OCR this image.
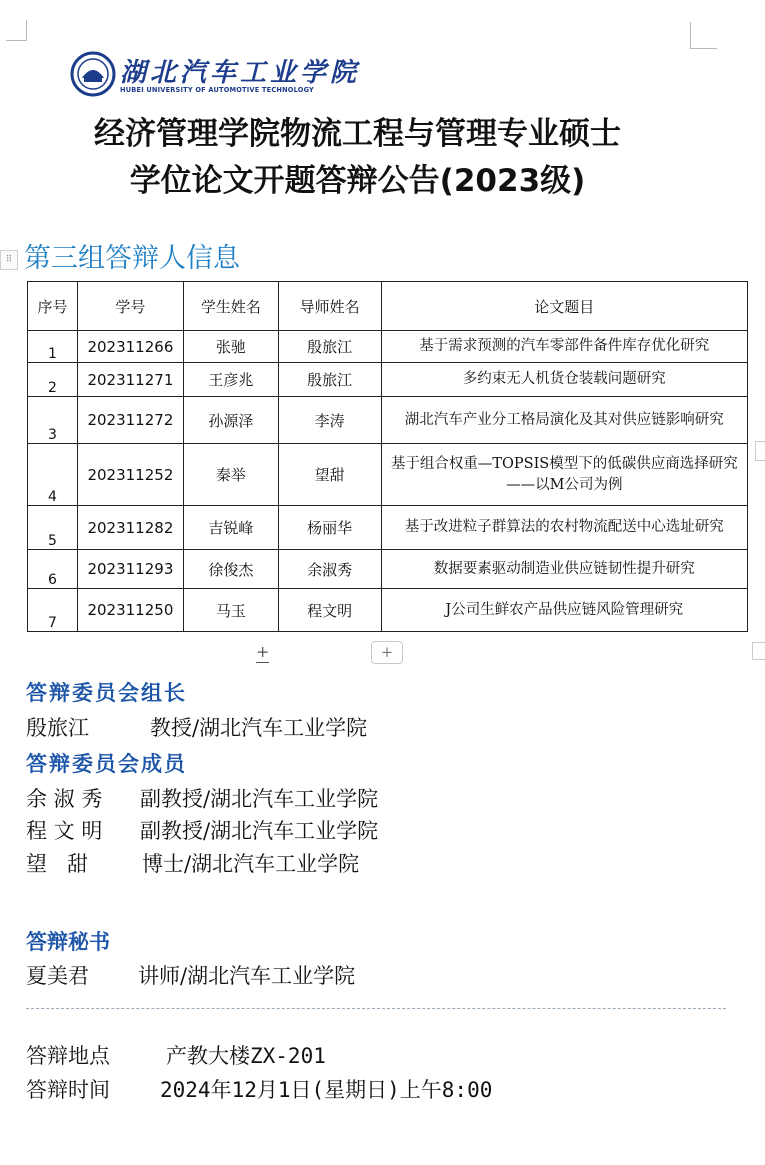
湖北汽车工业学院
HUBEI UNIVERSITY OF AUTOMOTIVE TECHNOLOGY
经济管理学院物流工程与管理专业硕士
学位论文开题答辩公告(2023级)
⠿ 第三组答辩人信息
序号	学号	学生姓名	导师姓名	论文题目
1	202311266	张驰	殷旅江	基于需求预测的汽车零部件备件库存优化研究
2	202311271	王彦兆	殷旅江	多约束无人机货仓装载问题研究
3	202311272	孙源泽	李涛	湖北汽车产业分工格局演化及其对供应链影响研究
4	202311252	秦举	望甜	基于组合权重—TOPSIS模型下的低碳供应商选择研究——以M公司为例
5	202311282	吉锐峰	杨丽华	基于改进粒子群算法的农村物流配送中心选址研究
6	202311293	徐俊杰	余淑秀	数据要素驱动制造业供应链韧性提升研究
7	202311250	马玉	程文明	J公司生鲜农产品供应链风险管理研究
+	+
答辩委员会组长
殷旅江	教授/湖北汽车工业学院
答辩委员会成员
余 淑 秀 副教授/湖北汽车工业学院
程 文 明 副教授/湖北汽车工业学院
望   甜	博士/湖北汽车工业学院
答辩秘书
夏美君 讲师/湖北汽车工业学院
答辩地点	产教大楼ZX-201
答辩时间 2024年12月1日(星期日)上午8:00
